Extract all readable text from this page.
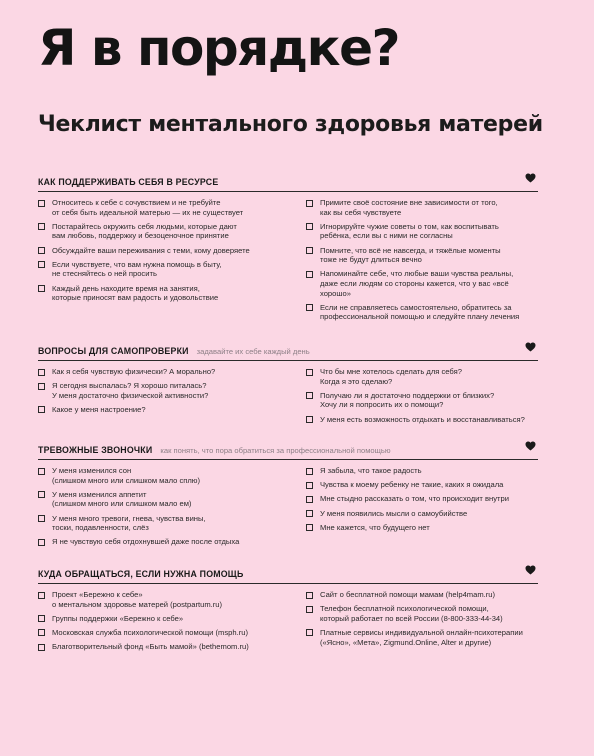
Я в порядке?
Чеклист ментального здоровья матерей
КАК ПОДДЕРЖИВАТЬ СЕБЯ В РЕСУРСЕ
Относитесь к себе с сочувствием и не требуйте
от себя быть идеальной матерью — их не существует
Постарайтесь окружить себя людьми, которые дают
вам любовь, поддержку и безоценочное принятие
Обсуждайте ваши переживания с теми, кому доверяете
Если чувствуете, что вам нужна помощь в быту,
не стесняйтесь о ней просить
Каждый день находите время на занятия,
которые приносят вам радость и удовольствие
Примите своё состояние вне зависимости от того,
как вы себя чувствуете
Игнорируйте чужие советы о том, как воспитывать
ребёнка, если вы с ними не согласны
Помните, что всё не навсегда, и тяжёлые моменты
тоже не будут длиться вечно
Напоминайте себе, что любые ваши чувства реальны,
даже если людям со стороны кажется, что у вас «всё
хорошо»
Если не справляетесь самостоятельно, обратитесь за
профессиональной помощью и следуйте плану лечения
ВОПРОСЫ ДЛЯ САМОПРОВЕРКИ задавайте их себе каждый день
Как я себя чувствую физически? А морально?
Я сегодня выспалась? Я хорошо питалась?
У меня достаточно физической активности?
Какое у меня настроение?
Что бы мне хотелось сделать для себя?
Когда я это сделаю?
Получаю ли я достаточно поддержки от близких?
Хочу ли я попросить их о помощи?
У меня есть возможность отдыхать и восстанавливаться?
ТРЕВОЖНЫЕ ЗВОНОЧКИ как понять, что пора обратиться за профессиональной помощью
У меня изменился сон
(слишком много или слишком мало сплю)
У меня изменился аппетит
(слишком много или слишком мало ем)
У меня много тревоги, гнева, чувства вины,
тоски, подавленности, слёз
Я не чувствую себя отдохнувшей даже после отдыха
Я забыла, что такое радость
Чувства к моему ребенку не такие, каких я ожидала
Мне стыдно рассказать о том, что происходит внутри
У меня появились мысли о самоубийстве
Мне кажется, что будущего нет
КУДА ОБРАЩАТЬСЯ, ЕСЛИ НУЖНА ПОМОЩЬ
Проект «Бережно к себе»
о ментальном здоровье матерей (postpartum.ru)
Группы поддержки «Бережно к себе»
Московская служба психологической помощи (msph.ru)
Благотворительный фонд «Быть мамой» (bethemom.ru)
Сайт о бесплатной помощи мамам (help4mam.ru)
Телефон бесплатной психологической помощи,
который работает по всей России (8-800-333-44-34)
Платные сервисы индивидуальной онлайн-психотерапии
(«Ясно», «Мета», Zigmund.Online, Alter и другие)
